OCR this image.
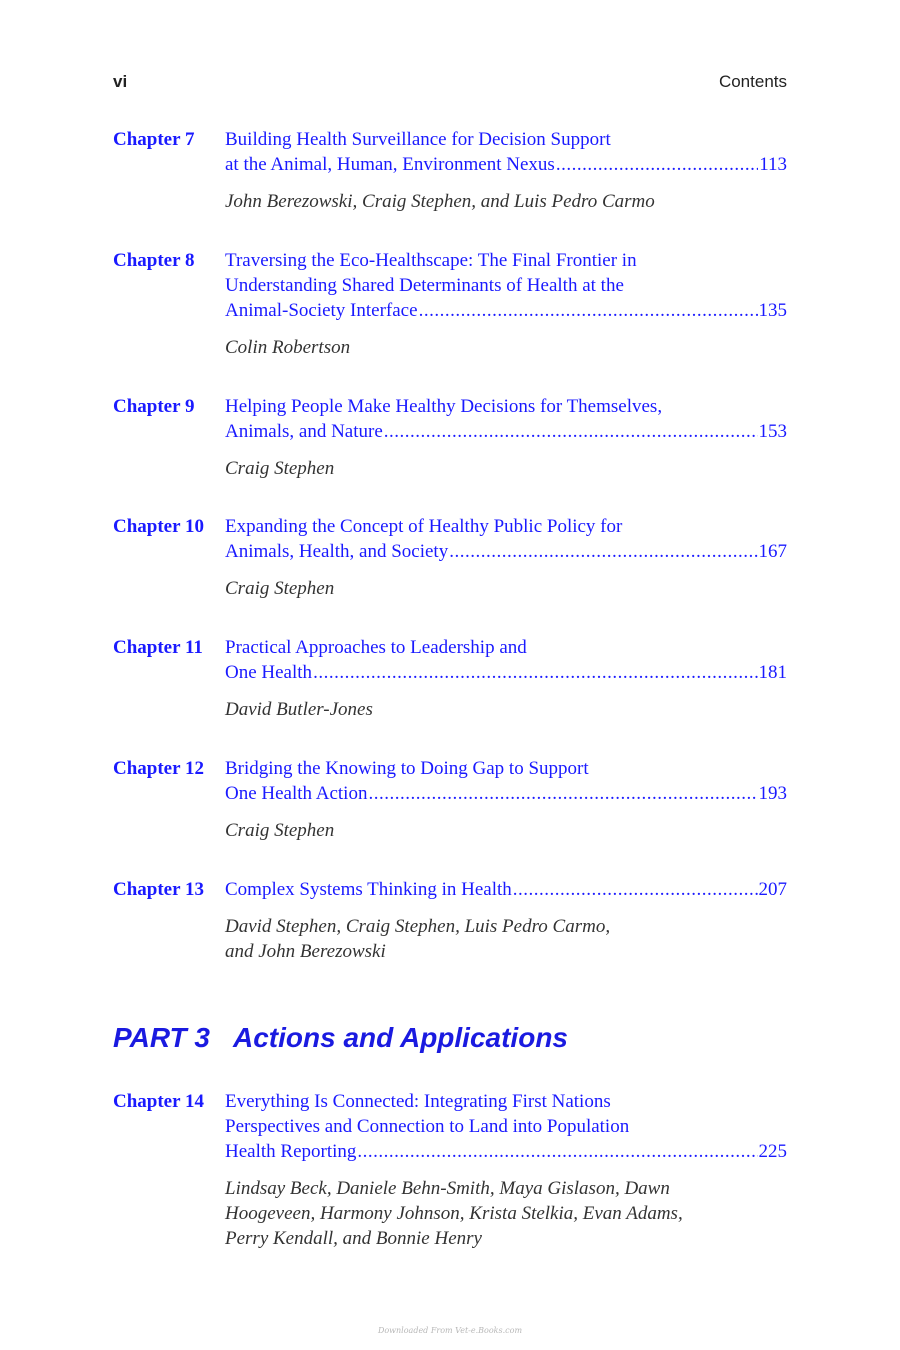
vi	Contents
Chapter 7 Building Health Surveillance for Decision Support
at the Animal, Human, Environment Nexus .....	113
John Berezowski, Craig Stephen, and Luis Pedro Carmo
Chapter 8 Traversing the Eco-Healthscape: The Final Frontier in
Understanding Shared Determinants of Health at the
Animal-Society Interface .....	135
Colin Robertson
Chapter 9 Helping People Make Healthy Decisions for Themselves,
Animals, and Nature .....	153
Craig Stephen
Chapter 10 Expanding the Concept of Healthy Public Policy for
Animals, Health, and Society .....	167
Craig Stephen
Chapter 11 Practical Approaches to Leadership and
One Health .....	181
David Butler-Jones
Chapter 12 Bridging the Knowing to Doing Gap to Support
One Health Action .....	193
Craig Stephen
Chapter 13 Complex Systems Thinking in Health .....	207
David Stephen, Craig Stephen, Luis Pedro Carmo,
and John Berezowski
PART 3 Actions and Applications
Chapter 14 Everything Is Connected: Integrating First Nations
Perspectives and Connection to Land into Population
Health Reporting .....	225
Lindsay Beck, Daniele Behn-Smith, Maya Gislason, Dawn
Hoogeveen, Harmony Johnson, Krista Stelkia, Evan Adams,
Perry Kendall, and Bonnie Henry
Downloaded From Vet-e.Books.com
